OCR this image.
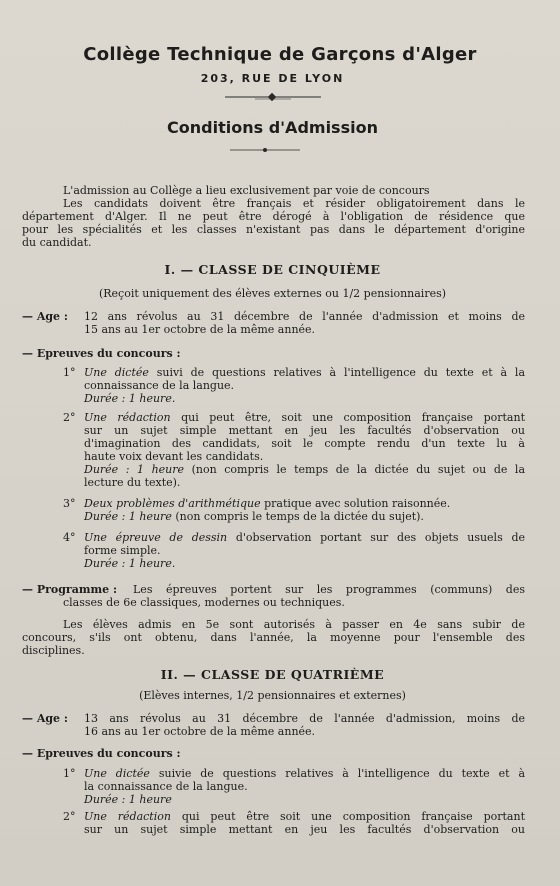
Collège Technique de Garçons d'Alger
203, RUE DE LYON
Conditions d'Admission
L'admission au Collège a lieu exclusivement par voie de concours
Les candidats doivent être français et résider obligatoirement dans le
département d'Alger. Il ne peut être dérogé à l'obligation de résidence que
pour les spécialités et les classes n'existant pas dans le département d'origine
du candidat.
I. — CLASSE DE CINQUIÈME
(Reçoit uniquement des élèves externes ou 1/2 pensionnaires)
— Age : 12 ans révolus au 31 décembre de l'année d'admission et moins de
15 ans au 1er octobre de la même année.
— Epreuves du concours :
1° Une dictée suivi de questions relatives à l'intelligence du texte et à la
connaissance de la langue.
Durée : 1 heure.
2° Une rédaction qui peut être, soit une composition française portant
sur un sujet simple mettant en jeu les facultés d'observation ou
d'imagination des candidats, soit le compte rendu d'un texte lu à
haute voix devant les candidats.
Durée : 1 heure (non compris le temps de la dictée du sujet ou de la
lecture du texte).
3° Deux problèmes d'arithmétique pratique avec solution raisonnée.
Durée : 1 heure (non compris le temps de la dictée du sujet).
4° Une épreuve de dessin d'observation portant sur des objets usuels de
forme simple.
Durée : 1 heure.
— Programme : Les épreuves portent sur les programmes (communs) des
classes de 6e classiques, modernes ou techniques.
Les élèves admis en 5e sont autorisés à passer en 4e sans subir de
concours, s'ils ont obtenu, dans l'année, la moyenne pour l'ensemble des
disciplines.
II. — CLASSE DE QUATRIÈME
(Elèves internes, 1/2 pensionnaires et externes)
— Age : 13 ans révolus au 31 décembre de l'année d'admission, moins de
16 ans au 1er octobre de la même année.
— Epreuves du concours :
1° Une dictée suivie de questions relatives à l'intelligence du texte et à
la connaissance de la langue.
Durée : 1 heure
2° Une rédaction qui peut être soit une composition française portant
sur un sujet simple mettant en jeu les facultés d'observation ou
